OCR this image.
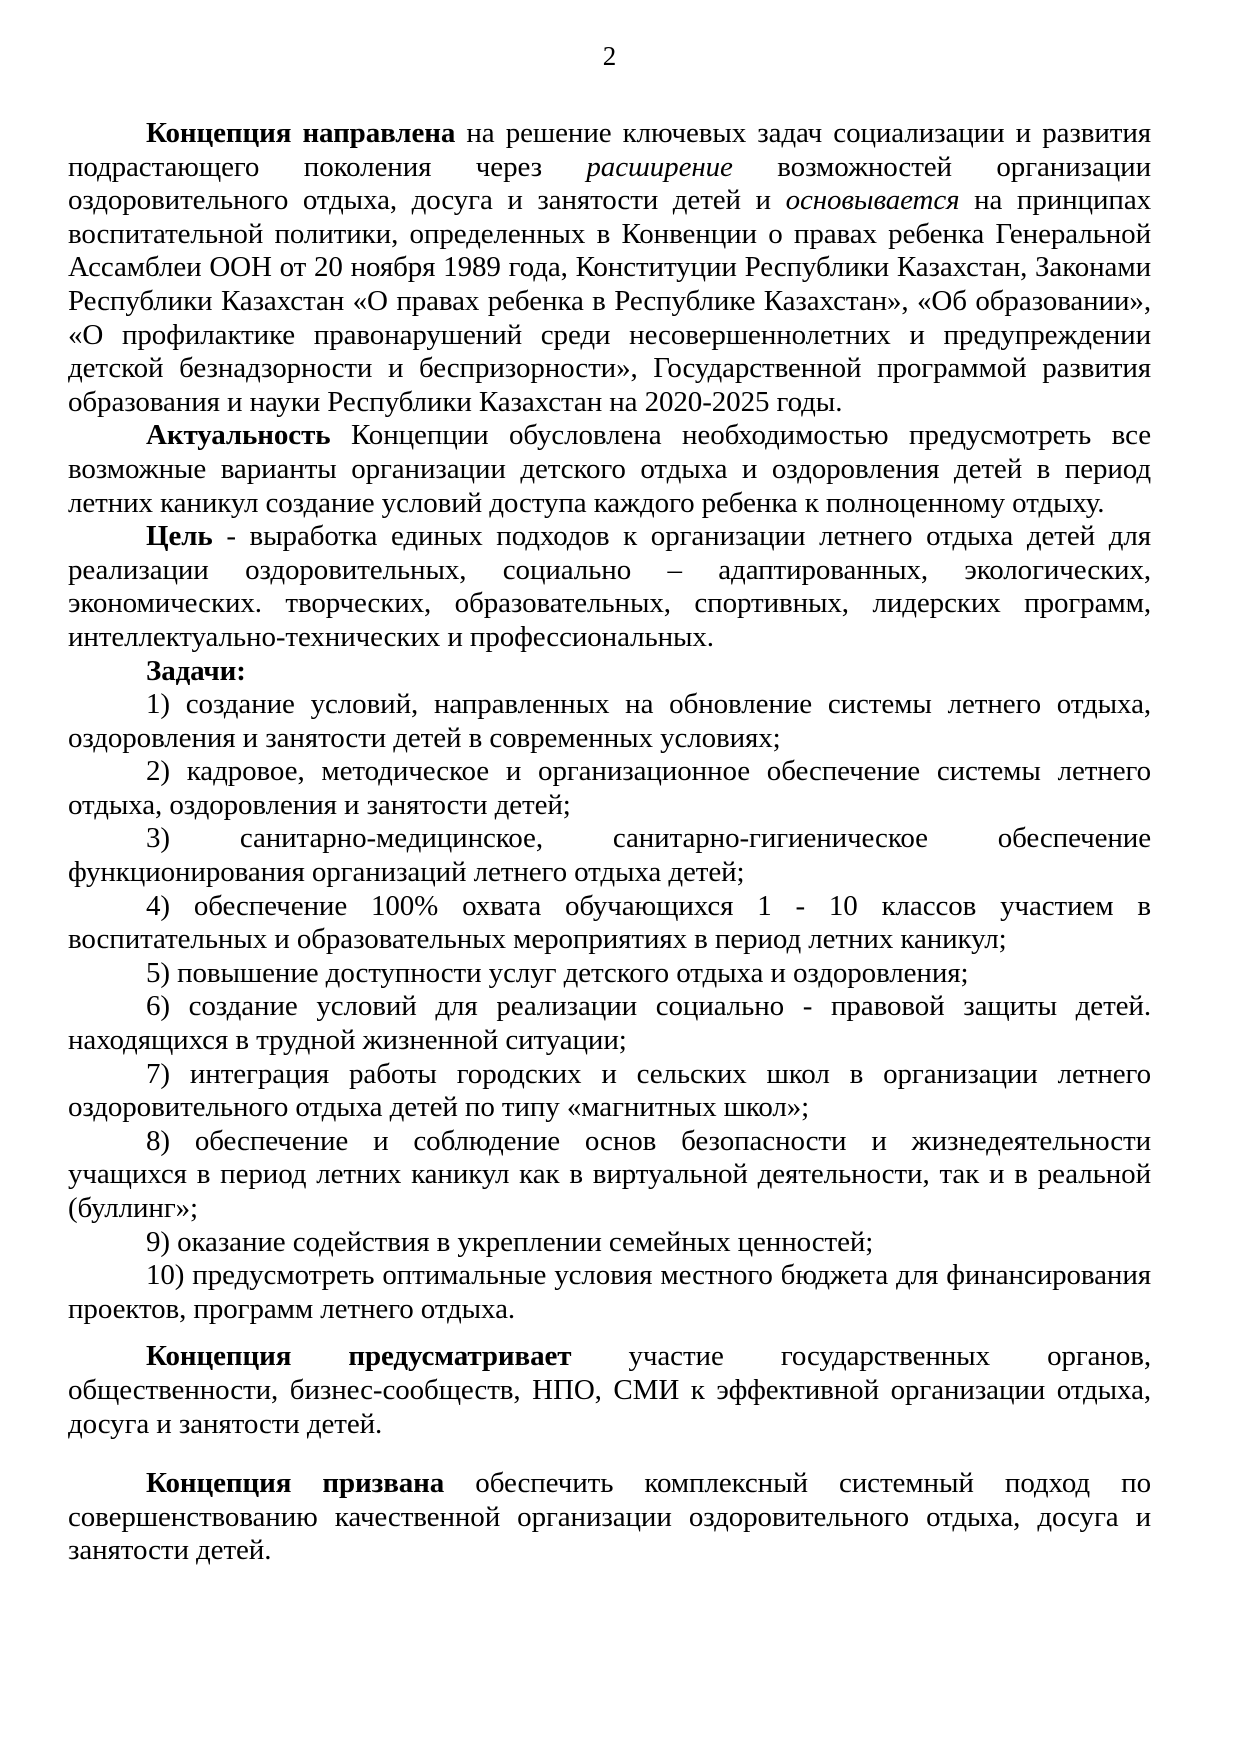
2

Концепция направлена на решение ключевых задач социализации и развития подрастающего поколения через расширение возможностей организации оздоровительного отдыха, досуга и занятости детей и основывается на принципах воспитательной политики, определенных в Конвенции о правах ребенка Генеральной Ассамблеи ООН от 20 ноября 1989 года, Конституции Республики Казахстан, Законами Республики Казахстан «О правах ребенка в Республике Казахстан», «Об образовании», «О профилактике правонарушений среди несовершеннолетних и предупреждении детской безнадзорности и беспризорности», Государственной программой развития образования и науки Республики Казахстан на 2020-2025 годы.

Актуальность Концепции обусловлена необходимостью предусмотреть все возможные варианты организации детского отдыха и оздоровления детей в период летних каникул создание условий доступа каждого ребенка к полноценному отдыху.

Цель - выработка единых подходов к организации летнего отдыха детей для реализации оздоровительных, социально – адаптированных, экологических, экономических. творческих, образовательных, спортивных, лидерских программ, интеллектуально-технических и профессиональных.

Задачи:

1) создание условий, направленных на обновление системы летнего отдыха, оздоровления и занятости детей в современных условиях;

2) кадровое, методическое и организационное обеспечение системы летнего отдыха, оздоровления и занятости детей;

3) санитарно-медицинское, санитарно-гигиеническое обеспечение функционирования организаций летнего отдыха детей;

4) обеспечение 100% охвата обучающихся 1 - 10 классов участием в воспитательных и образовательных мероприятиях в период летних каникул;

5) повышение доступности услуг детского отдыха и оздоровления;

6) создание условий для реализации социально - правовой защиты детей. находящихся в трудной жизненной ситуации;

7) интеграция работы городских и сельских школ в организации летнего оздоровительного отдыха детей по типу «магнитных школ»;

8) обеспечение и соблюдение основ безопасности и жизнедеятельности учащихся в период летних каникул как в виртуальной деятельности, так и в реальной (буллинг»;

9) оказание содействия в укреплении семейных ценностей;

10) предусмотреть оптимальные условия местного бюджета для финансирования проектов, программ летнего отдыха.

Концепция предусматривает участие государственных органов, общественности, бизнес-сообществ, НПО, СМИ к эффективной организации отдыха, досуга и занятости детей.

Концепция призвана обеспечить комплексный системный подход по совершенствованию качественной организации оздоровительного отдыха, досуга и занятости детей.
